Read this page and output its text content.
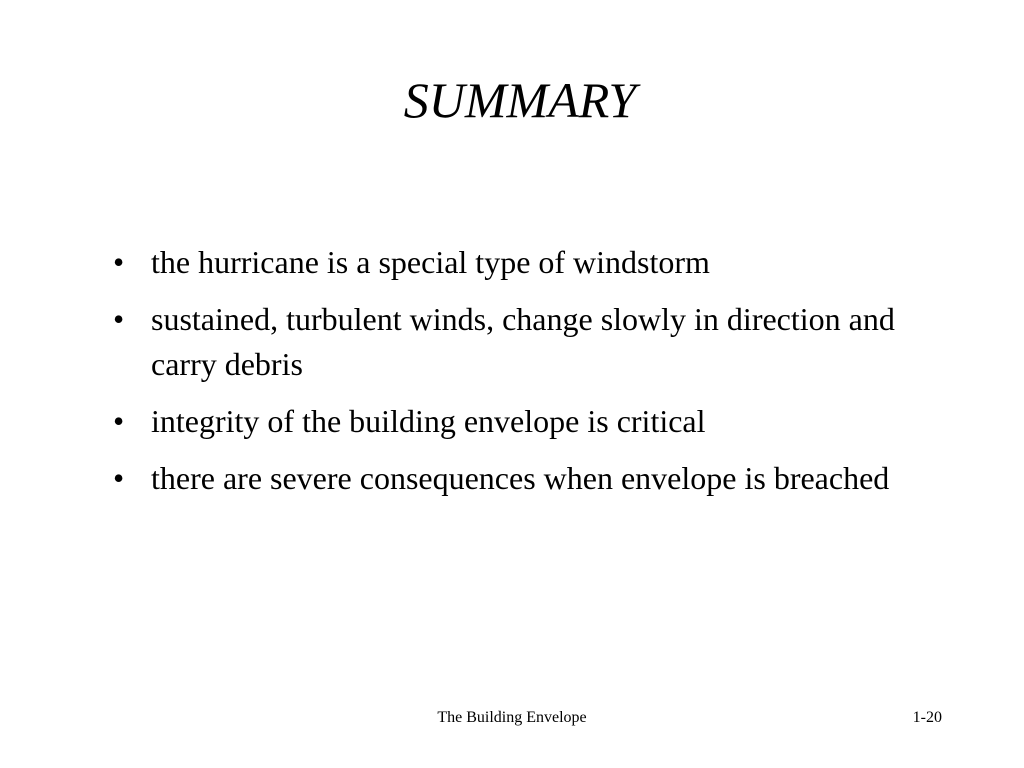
SUMMARY
• the hurricane is a special type of windstorm
• sustained, turbulent winds, change slowly in direction and carry debris
• integrity of the building envelope is critical
• there are severe consequences when envelope is breached
The Building Envelope	1-20
